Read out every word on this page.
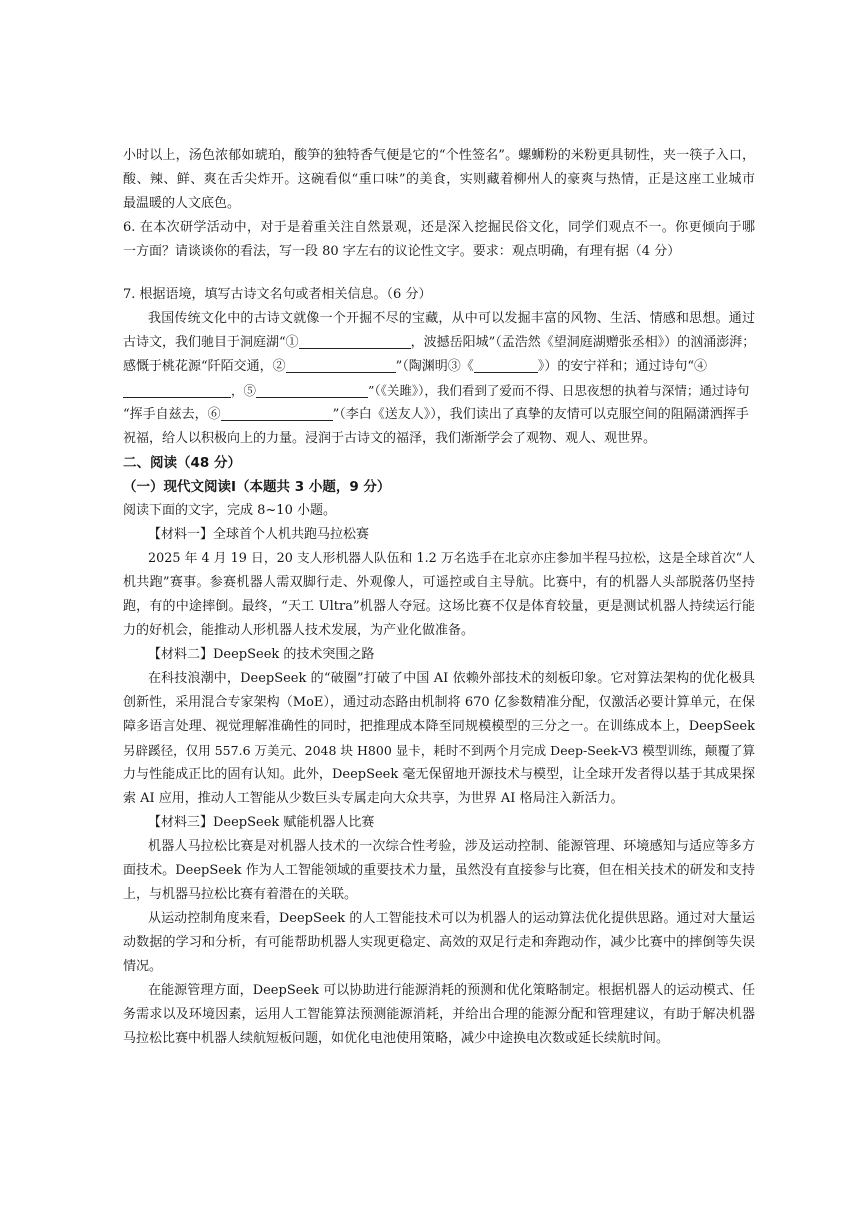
小时以上，汤色浓郁如琥珀，酸笋的独特香气便是它的“个性签名”。螺蛳粉的米粉更具韧性，夹一筷子入口，
酸、辣、鲜、爽在舌尖炸开。这碗看似“重口味”的美食，实则藏着柳州人的豪爽与热情，正是这座工业城市
最温暖的人文底色。
6. 在本次研学活动中，对于是着重关注自然景观，还是深入挖掘民俗文化，同学们观点不一。你更倾向于哪
一方面？请谈谈你的看法，写一段 80 字左右的议论性文字。要求：观点明确，有理有据（4 分）
7. 根据语境，填写古诗文名句或者相关信息。（6 分）
我国传统文化中的古诗文就像一个开掘不尽的宝藏，从中可以发掘丰富的风物、生活、情感和思想。通过
古诗文，我们驰目于洞庭湖“①	，波撼岳阳城”（孟浩然《望洞庭湖赠张丞相》）的汹涌澎湃；
感慨于桃花源“阡陌交通，②	”（陶渊明③《	》）的安宁祥和；通过诗句“④
，⑤	”（《关雎》），我们看到了爱而不得、日思夜想的执着与深情；通过诗句
“挥手自兹去，⑥	”（李白《送友人》），我们读出了真挚的友情可以克服空间的阻隔潇洒挥手
祝福，给人以积极向上的力量。浸润于古诗文的福泽，我们渐渐学会了观物、观人、观世界。
二、阅读（48 分）
（一）现代文阅读Ⅰ（本题共 3 小题，9 分）
阅读下面的文字，完成 8~10 小题。
【材料一】全球首个人机共跑马拉松赛
2025 年 4 月 19 日，20 支人形机器人队伍和 1.2 万名选手在北京亦庄参加半程马拉松，这是全球首次“人
机共跑”赛事。参赛机器人需双脚行走、外观像人，可遥控或自主导航。比赛中，有的机器人头部脱落仍坚持
跑，有的中途摔倒。最终，“天工 Ultra”机器人夺冠。这场比赛不仅是体育较量，更是测试机器人持续运行能
力的好机会，能推动人形机器人技术发展，为产业化做准备。
【材料二】DeepSeek 的技术突围之路
在科技浪潮中，DeepSeek 的“破圈”打破了中国 AI 依赖外部技术的刻板印象。它对算法架构的优化极具
创新性，采用混合专家架构（MoE），通过动态路由机制将 670 亿参数精准分配，仅激活必要计算单元，在保
障多语言处理、视觉理解准确性的同时，把推理成本降至同规模模型的三分之一。在训练成本上，DeepSeek
另辟蹊径，仅用 557.6 万美元、2048 块 H800 显卡，耗时不到两个月完成 Deep-Seek-V3 模型训练，颠覆了算
力与性能成正比的固有认知。此外，DeepSeek 毫无保留地开源技术与模型，让全球开发者得以基于其成果探
索 AI 应用，推动人工智能从少数巨头专属走向大众共享，为世界 AI 格局注入新活力。
【材料三】DeepSeek 赋能机器人比赛
机器人马拉松比赛是对机器人技术的一次综合性考验，涉及运动控制、能源管理、环境感知与适应等多方
面技术。DeepSeek 作为人工智能领域的重要技术力量，虽然没有直接参与比赛，但在相关技术的研发和支持
上，与机器马拉松比赛有着潜在的关联。
从运动控制角度来看，DeepSeek 的人工智能技术可以为机器人的运动算法优化提供思路。通过对大量运
动数据的学习和分析，有可能帮助机器人实现更稳定、高效的双足行走和奔跑动作，减少比赛中的摔倒等失误
情况。
在能源管理方面，DeepSeek 可以协助进行能源消耗的预测和优化策略制定。根据机器人的运动模式、任
务需求以及环境因素，运用人工智能算法预测能源消耗，并给出合理的能源分配和管理建议，有助于解决机器
马拉松比赛中机器人续航短板问题，如优化电池使用策略，减少中途换电次数或延长续航时间。
